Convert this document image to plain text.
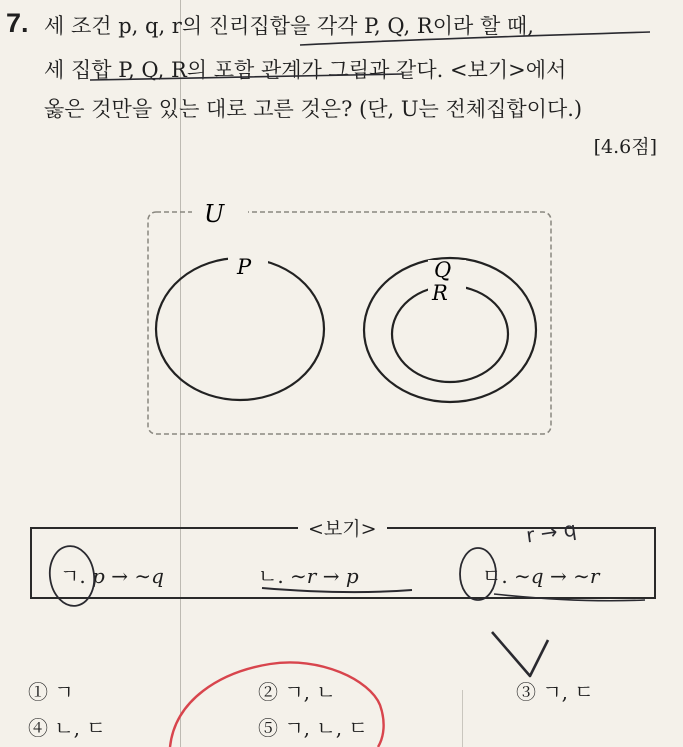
7. 세 조건 p, q, r의 진리집합을 각각 P, Q, R이라 할 때,
세 집합 P, Q, R의 포함 관계가 그림과 같다. <보기>에서
옳은 것만을 있는 대로 고른 것은? (단, U는 전체집합이다.)
[4.6점]
U
P	Q
R
<보기>
ㄱ. p → ∼q	ㄴ. ∼r → p	ㄷ. ∼q → ∼r
r → q
① ㄱ	② ㄱ, ㄴ	③ ㄱ, ㄷ
④ ㄴ, ㄷ	⑤ ㄱ, ㄴ, ㄷ
